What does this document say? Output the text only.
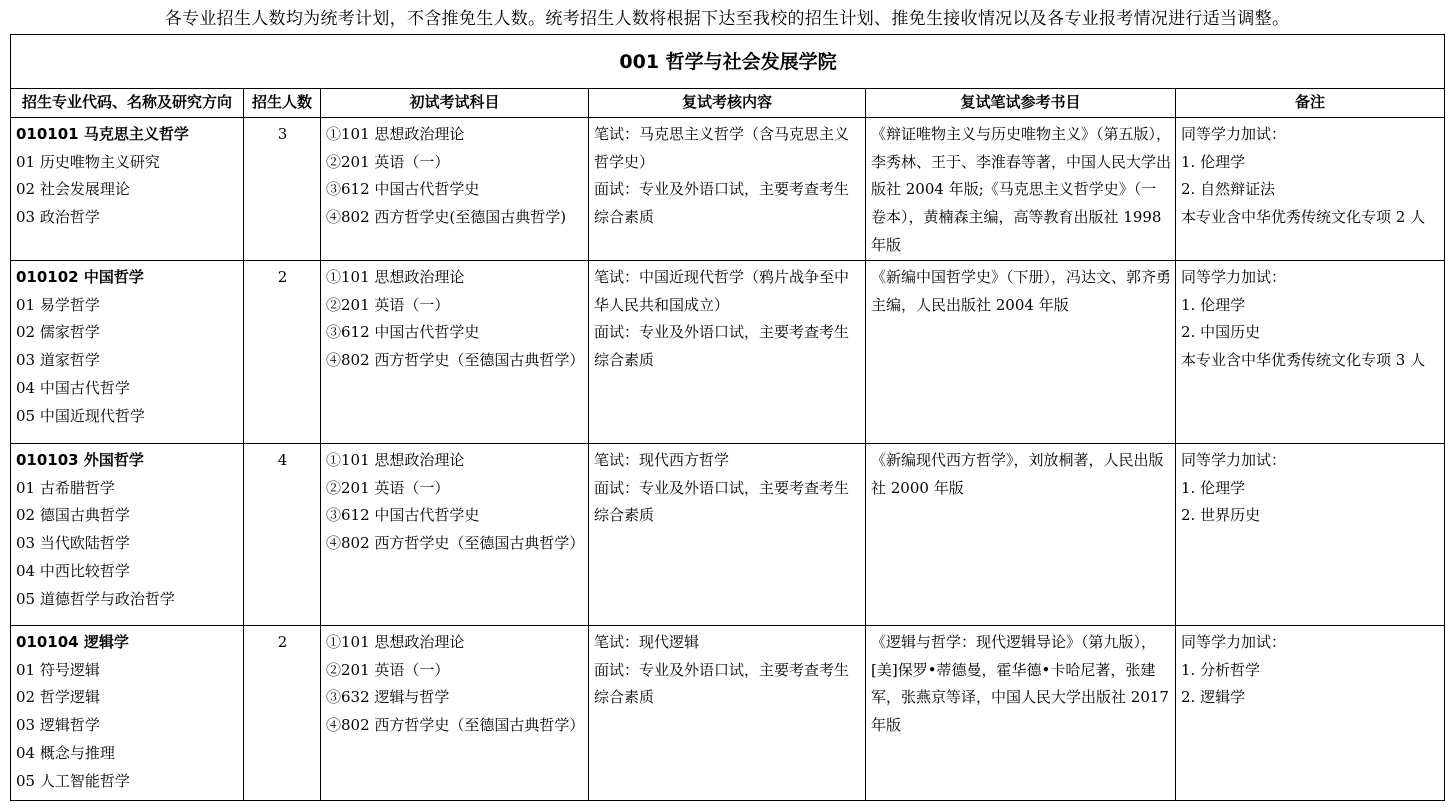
各专业招生人数均为统考计划，不含推免生人数。统考招生人数将根据下达至我校的招生计划、推免生接收情况以及各专业报考情况进行适当调整。
001 哲学与社会发展学院
招生专业代码、名称及研究方向	招生人数	初试考试科目	复试考核内容	复试笔试参考书目	备注

010101 马克思主义哲学
01 历史唯物主义研究
02 社会发展理论
03 政治哲学
	3	①101 思想政治理论
②201 英语（一）
③612 中国古代哲学史
④802 西方哲学史(至德国古典哲学)

笔试：马克思主义哲学（含马克思主义哲学史）
面试：专业及外语口试，主要考查考生综合素质

《辩证唯物主义与历史唯物主义》（第五版），李秀林、王于、李淮春等著，中国人民大学出版社 2004 年版;《马克思主义哲学史》（一卷本），黄楠森主编，高等教育出版社 1998 年版

同等学力加试：
1. 伦理学
2. 自然辩证法
本专业含中华优秀传统文化专项 2 人

010102 中国哲学
01 易学哲学
02 儒家哲学
03 道家哲学
04 中国古代哲学
05 中国近现代哲学
	2	①101 思想政治理论
②201 英语（一）
③612 中国古代哲学史
④802 西方哲学史（至德国古典哲学）

笔试：中国近现代哲学（鸦片战争至中华人民共和国成立）
面试：专业及外语口试，主要考查考生综合素质

《新编中国哲学史》（下册），冯达文、郭齐勇主编，人民出版社 2004 年版

同等学力加试：
1. 伦理学
2. 中国历史
本专业含中华优秀传统文化专项 3 人

010103 外国哲学
01 古希腊哲学
02 德国古典哲学
03 当代欧陆哲学
04 中西比较哲学
05 道德哲学与政治哲学
	4	①101 思想政治理论
②201 英语（一）
③612 中国古代哲学史
④802 西方哲学史（至德国古典哲学）

笔试：现代西方哲学
面试：专业及外语口试，主要考查考生综合素质

《新编现代西方哲学》，刘放桐著，人民出版社 2000 年版

同等学力加试：
1. 伦理学
2. 世界历史

010104 逻辑学
01 符号逻辑
02 哲学逻辑
03 逻辑哲学
04 概念与推理
05 人工智能哲学
	2	①101 思想政治理论
②201 英语（一）
③632 逻辑与哲学
④802 西方哲学史（至德国古典哲学）

笔试：现代逻辑
面试：专业及外语口试，主要考查考生综合素质

《逻辑与哲学：现代逻辑导论》（第九版），[美]保罗•蒂德曼，霍华德•卡哈尼著，张建军，张燕京等译，中国人民大学出版社 2017 年版

同等学力加试：
1. 分析哲学
2. 逻辑学
